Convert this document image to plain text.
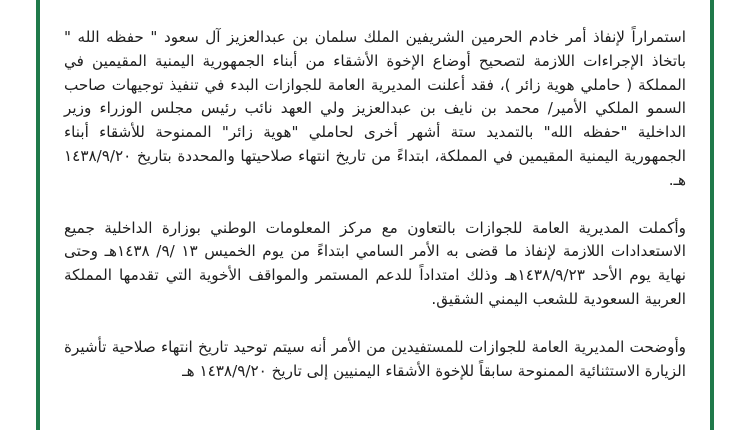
استمراراً لإنفاذ أمر خادم الحرمين الشريفين الملك سلمان بن عبدالعزيز آل سعود " حفظه الله " باتخاذ الإجراءات اللازمة لتصحيح أوضاع الإخوة الأشقاء من أبناء الجمهورية اليمنية المقيمين في المملكة ( حاملي هوية زائر )، فقد أعلنت المديرية العامة للجوازات البدء في تنفيذ توجيهات صاحب السمو الملكي الأمير/ محمد بن نايف بن عبدالعزيز ولي العهد نائب رئيس مجلس الوزراء وزير الداخلية "حفظه الله" بالتمديد ستة أشهر أخرى لحاملي "هوية زائر" الممنوحة للأشقاء أبناء الجمهورية اليمنية المقيمين في المملكة، ابتداءً من تاريخ انتهاء صلاحيتها والمحددة بتاريخ ١٤٣٨/٩/٢٠ هـ.

وأكملت المديرية العامة للجوازات بالتعاون مع مركز المعلومات الوطني بوزارة الداخلية جميع الاستعدادات اللازمة لإنفاذ ما قضى به الأمر السامي ابتداءً من يوم الخميس ١٣ /٩/ ١٤٣٨هـ وحتى نهاية يوم الأحد ١٤٣٨/٩/٢٣هـ وذلك امتداداً للدعم المستمر والمواقف الأخوية التي تقدمها المملكة العربية السعودية للشعب اليمني الشقيق.

وأوضحت المديرية العامة للجوازات للمستفيدين من الأمر أنه سيتم توحيد تاريخ انتهاء صلاحية تأشيرة الزيارة الاستثنائية الممنوحة سابقاً للإخوة الأشقاء اليمنيين إلى تاريخ ١٤٣٨/٩/٢٠ هـ
